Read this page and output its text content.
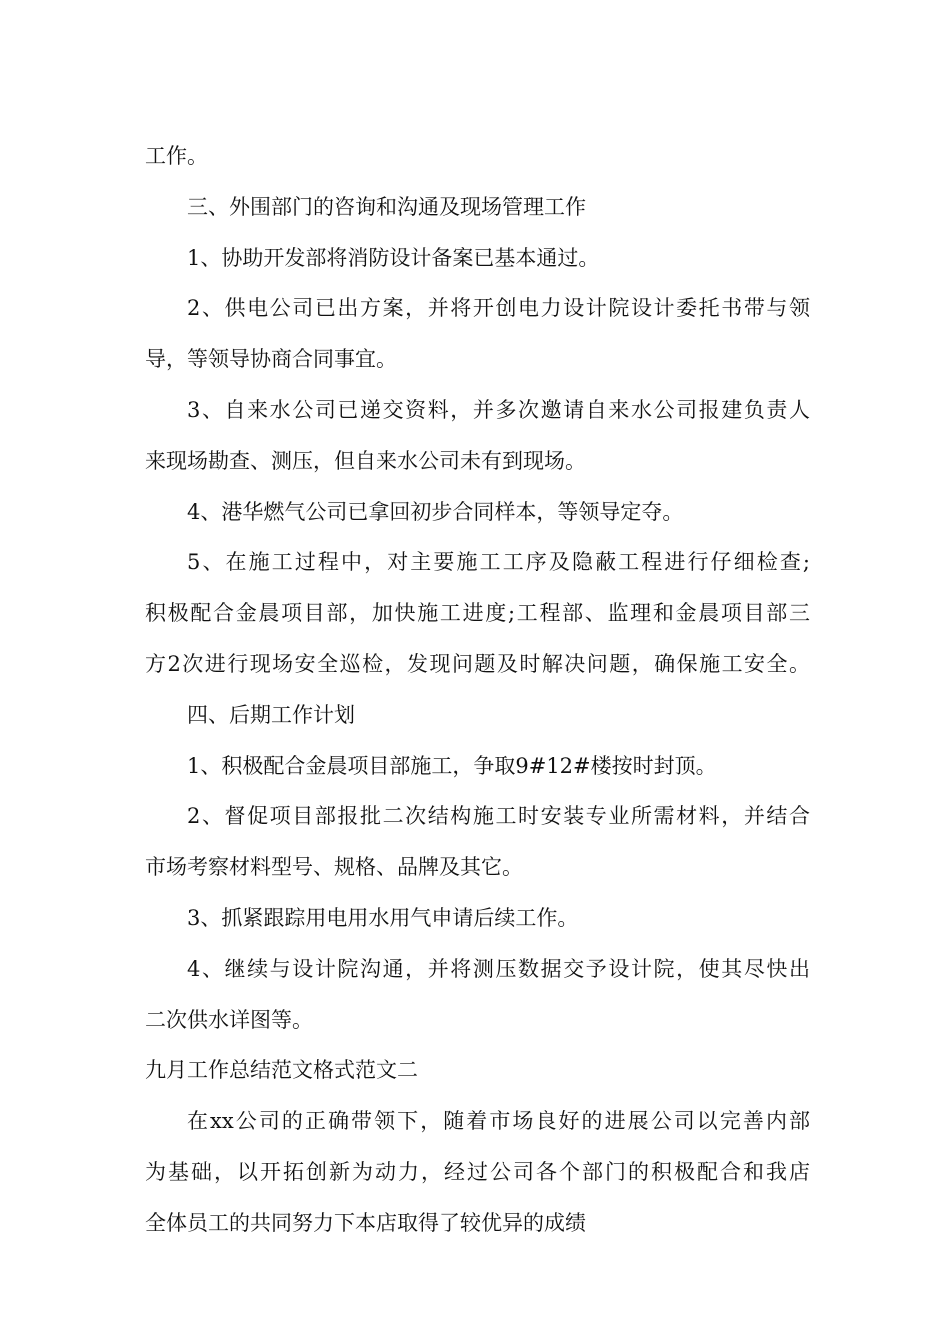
工作。
三、外围部门的咨询和沟通及现场管理工作
1、协助开发部将消防设计备案已基本通过。
2、供电公司已出方案，并将开创电力设计院设计委托书带与领
导，等领导协商合同事宜。
3、自来水公司已递交资料，并多次邀请自来水公司报建负责人
来现场勘查、测压，但自来水公司未有到现场。
4、港华燃气公司已拿回初步合同样本，等领导定夺。
5、在施工过程中，对主要施工工序及隐蔽工程进行仔细检查;
积极配合金晨项目部，加快施工进度;工程部、监理和金晨项目部三
方2次进行现场安全巡检，发现问题及时解决问题，确保施工安全。
四、后期工作计划
1、积极配合金晨项目部施工，争取9#12#楼按时封顶。
2、督促项目部报批二次结构施工时安装专业所需材料，并结合
市场考察材料型号、规格、品牌及其它。
3、抓紧跟踪用电用水用气申请后续工作。
4、继续与设计院沟通，并将测压数据交予设计院，使其尽快出
二次供水详图等。
九月工作总结范文格式范文二
在xx公司的正确带领下，随着市场良好的进展公司以完善内部
为基础，以开拓创新为动力，经过公司各个部门的积极配合和我店
全体员工的共同努力下本店取得了较优异的成绩
